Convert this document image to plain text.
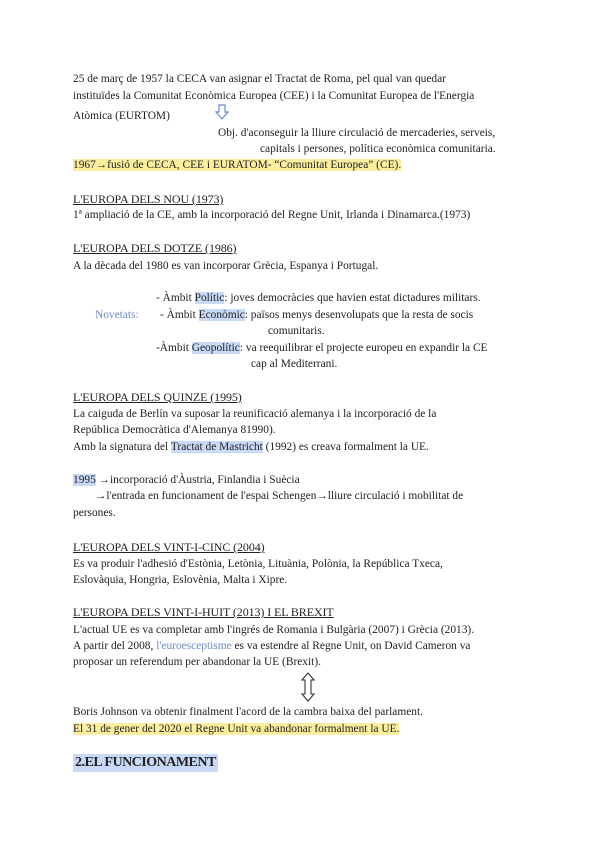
25 de març de 1957 la CECA van asignar el Tractat de Roma, pel qual van quedar
instituïdes la Comunitat Econòmica Europea (CEE) i la Comunitat Europea de l'Energia
Atòmica (EURTOM)
Obj. d'aconseguir la lliure circulació de mercaderies, serveis,
capitals i persones, política econòmica comunitaria.
1967→fusió de CECA, CEE i EURATOM- “Comunitat Europea” (CE).
L'EUROPA DELS NOU (1973)
1ª ampliació de la CE, amb la incorporació del Regne Unit, Irlanda i Dinamarca.(1973)
L'EUROPA DELS DOTZE (1986)
A la dècada del 1980 es van incorporar Grècia, Espanya i Portugal.
- Àmbit Polític: joves democràcies que havien estat dictadures militars.
Novetats: - Àmbit Econòmic: països menys desenvolupats que la resta de socis
comunitaris.
-Àmbit Geopolític: va reequilibrar el projecte europeu en expandir la CE
cap al Mediterrani.
L'EUROPA DELS QUINZE (1995)
La caiguda de Berlín va suposar la reunificació alemanya i la incorporació de la
República Democràtica d'Alemanya 81990).
Amb la signatura del Tractat de Mastricht (1992) es creava formalment la UE.
1995 →incorporació d'Àustria, Finlandia i Suècia
→l'entrada en funcionament de l'espai Schengen→lliure circulació i mobilitat de
persones.
L'EUROPA DELS VINT-I-CINC (2004)
Es va produir l'adhesió d'Estònia, Letònia, Lituània, Polònia, la República Txeca,
Eslovàquia, Hongria, Eslovènia, Malta i Xipre.
L'EUROPA DELS VINT-I-HUIT (2013) I EL BREXIT
L'actual UE es va completar amb l'ingrés de Romania i Bulgària (2007) i Grècia (2013).
A partir del 2008, l'euroesceptisme es va estendre al Regne Unit, on David Cameron va
proposar un referendum per abandonar la UE (Brexit).
Boris Johnson va obtenir finalment l'acord de la cambra baixa del parlament.
El 31 de gener del 2020 el Regne Unit va abandonar formalment la UE.
2.EL FUNCIONAMENT
